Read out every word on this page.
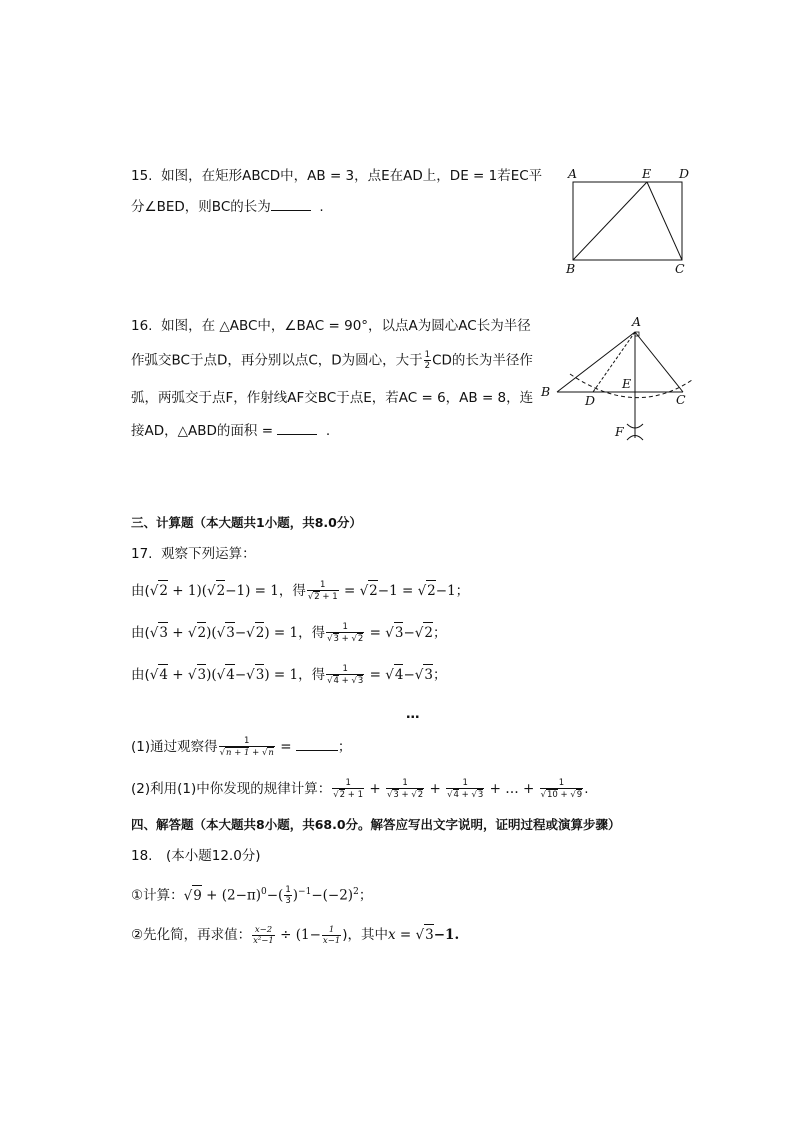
15. 如图，在矩形ABCD中，AB = 3，点E在AD上，DE = 1若EC平
分∠BED，则BC的长为	.
A	E D
B	C
16. 如图，在 △ABC中，∠BAC = 90°，以点A为圆心AC长为半径
作弧交BC于点D，再分别以点C，D为圆心，大于 $\frac{1}{2}$ CD的长为半径作
弧，两弧交于点F，作射线AF交BC于点E，若AC = 6，AB = 8，连
接AD，△ABD的面积 =	.
A
B
D
E
C
F
三、计算题（本大题共1小题，共8.0分）
17. 观察下列运算：
由(√2 + 1)(√2−1) = 1，得 $\frac{1}{√2 + 1} = √2-1 = √2-1$；
由(√3 + √2)(√3−√2) = 1，得 $\frac{1}{√3 + √2} = √3-√2$；
由(√4 + √3)(√4−√3) = 1，得 $\frac{1}{√4 + √3} = √4-√3$；
…
(1)通过观察得 $\frac{1}{√n + 1 + √n}$ =	；
(2)利用(1)中你发现的规律计算： $\frac{1}{√2 + 1} + \frac{1}{√3 + √2} + \frac{1}{√4 + √3}$ + … + $\frac{1}{√10 + √9}$ .
四、解答题（本大题共8小题，共68.0分。解答应写出文字说明，证明过程或演算步骤）
18.　(本小题12.0分)
①计算：$√9 + (2-\pi)^0-( \frac{1}{3} )^{-1}-(-2)^2$；
②先化简，再求值： $\frac{x-2}{\text{x²−1}} \div (1- \frac{1}{x-1}$ )，其中x = √3−1.
